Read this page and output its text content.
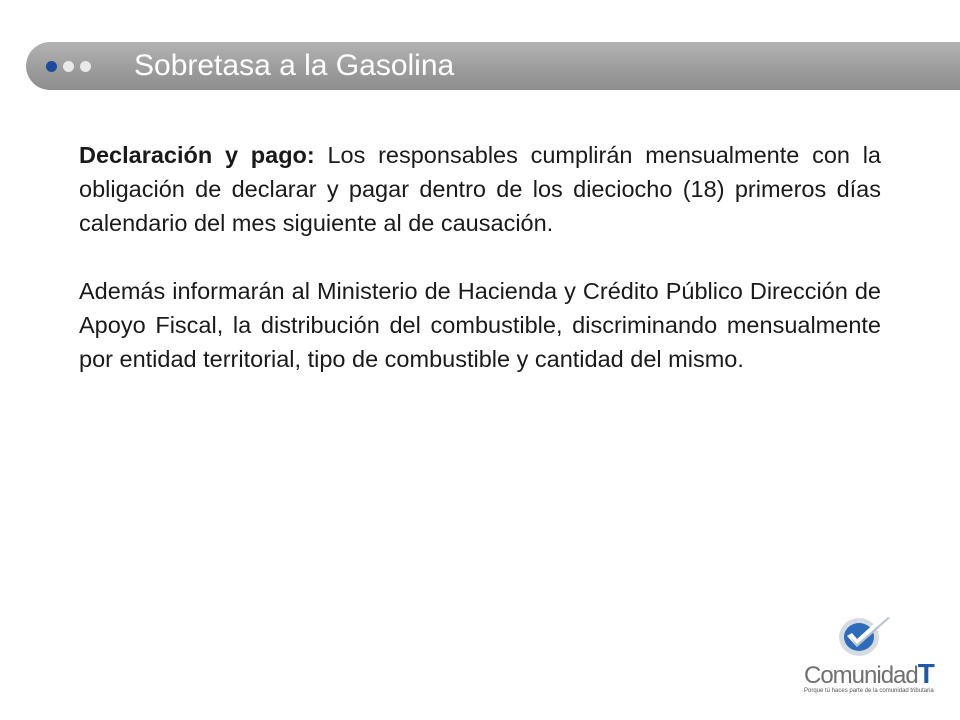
Sobretasa a la Gasolina

Declaración y pago: Los responsables cumplirán mensualmente con la obligación de declarar y pagar dentro de los dieciocho (18) primeros días calendario del mes siguiente al de causación.

Además informarán al Ministerio de Hacienda y Crédito Público Dirección de Apoyo Fiscal, la distribución del combustible, discriminando mensualmente por entidad territorial, tipo de combustible y cantidad del mismo.

ComunidadT
Porque tú haces parte de la comunidad tributaria
